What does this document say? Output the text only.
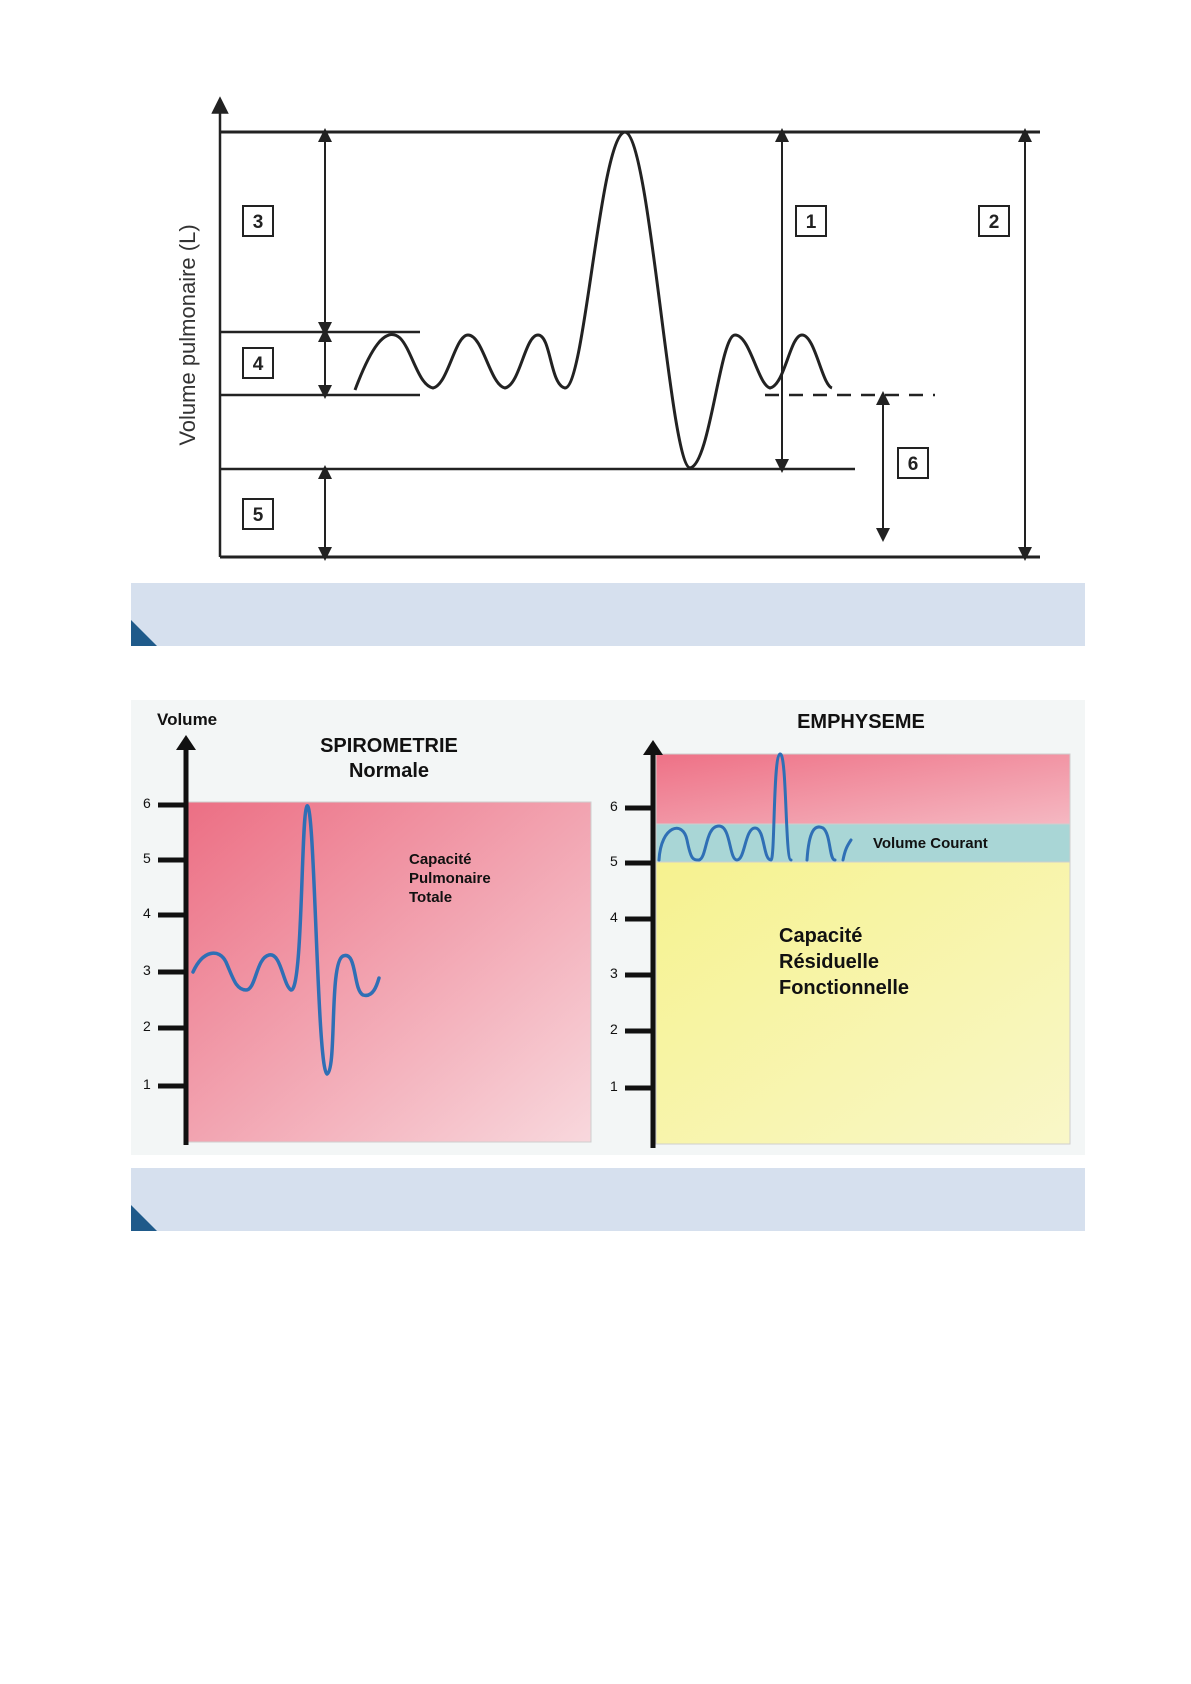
3
4
5
1	2
6
Volume pulmonaire (L)
Volume
6
5
4
3
2
1
SPIROMETRIE
Normale
Capacité
Pulmonaire
Totale
6
5
4
3
2
1
EMPHYSEME
Volume Courant
Capacité
Résiduelle
Fonctionnelle
